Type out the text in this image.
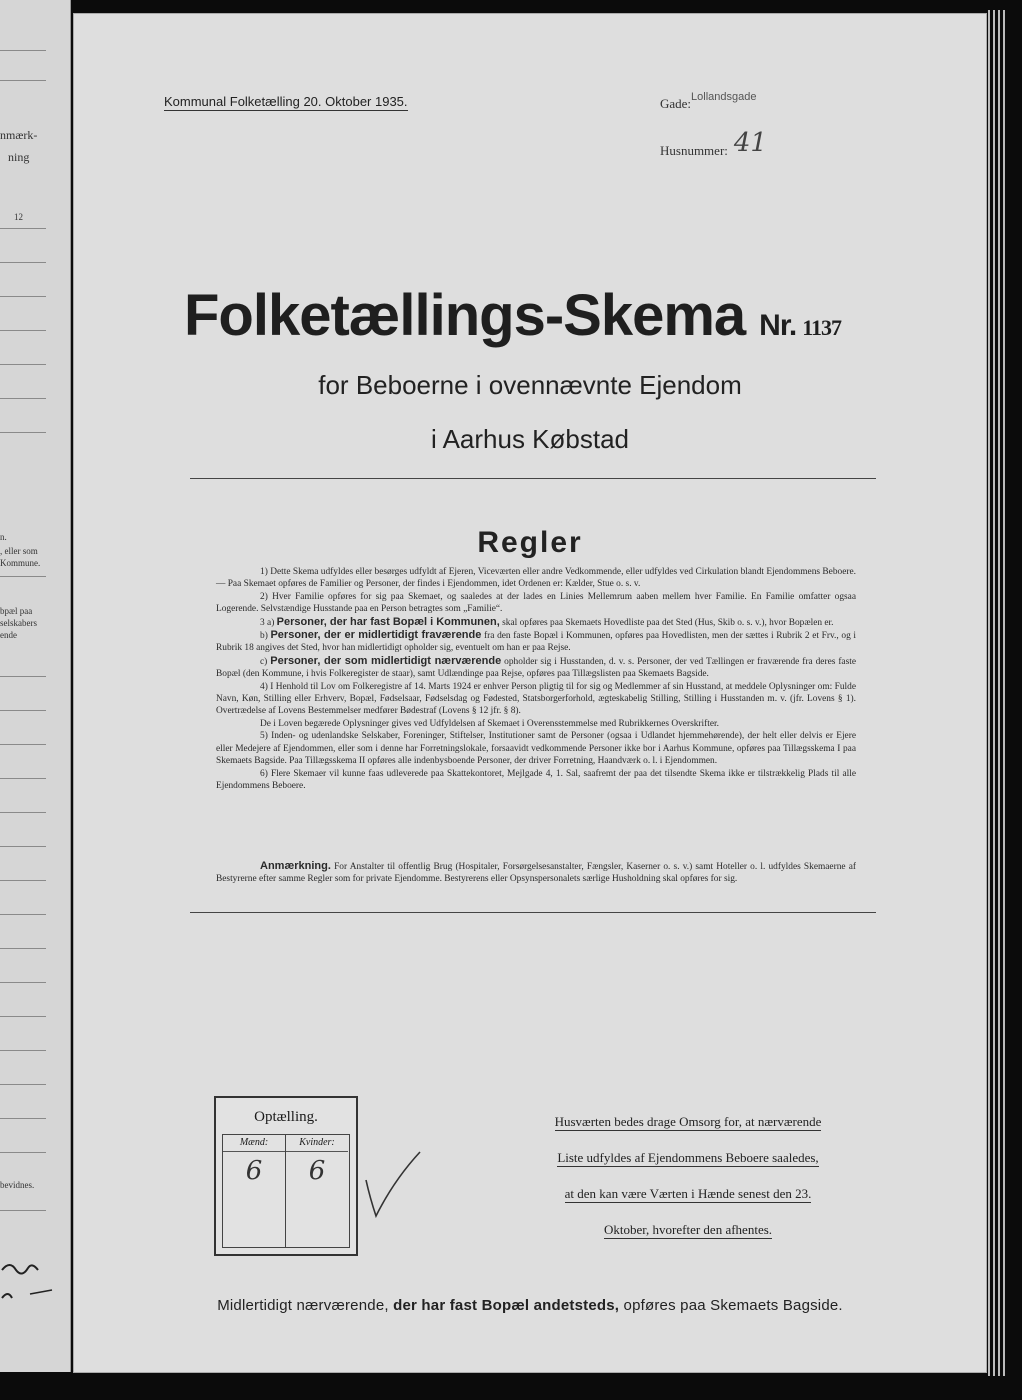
nmærk-
ning
12
n.
, eller som
Kommune.
bpæl paa
selskabers
ende
bevidnes.
Kommunal Folketælling 20. Oktober 1935.	Gade:$^{Lollandsgade}$
Husnummer: 41
Folketællings-Skema Nr. 1137
for Beboerne i ovennævnte Ejendom
i Aarhus Købstad
Regler

1) Dette Skema udfyldes eller besørges udfyldt af Ejeren, Viceværten eller andre Vedkommende, eller udfyldes ved Cirkulation blandt Ejendommens Beboere. — Paa Skemaet opføres de Familier og Personer, der findes i Ejendommen, idet Ordenen er: Kælder, Stue o. s. v.

2) Hver Familie opføres for sig paa Skemaet, og saaledes at der lades en Linies Mellemrum aaben mellem hver Familie. En Familie omfatter ogsaa Logerende. Selvstændige Husstande paa en Person betragtes som „Familie“.

3 a) Personer, der har fast Bopæl i Kommunen, skal opføres paa Skemaets Hovedliste paa det Sted (Hus, Skib o. s. v.), hvor Bopælen er.

b) Personer, der er midlertidigt fraværende fra den faste Bopæl i Kommunen, opføres paa Hovedlisten, men der sættes i Rubrik 2 et Frv., og i Rubrik 18 angives det Sted, hvor han midlertidigt opholder sig, eventuelt om han er paa Rejse.

c) Personer, der som midlertidigt nærværende opholder sig i Husstanden, d. v. s. Personer, der ved Tællingen er fraværende fra deres faste Bopæl (den Kommune, i hvis Folkeregister de staar), samt Udlændinge paa Rejse, opføres paa Tillægslisten paa Skemaets Bagside.

4) I Henhold til Lov om Folkeregistre af 14. Marts 1924 er enhver Person pligtig til for sig og Medlemmer af sin Husstand, at meddele Oplysninger om: Fulde Navn, Køn, Stilling eller Erhverv, Bopæl, Fødselsaar, Fødselsdag og Fødested, Statsborgerforhold, ægteskabelig Stilling, Stilling i Husstanden m. v. (jfr. Lovens § 1). Overtrædelse af Lovens Bestemmelser medfører Bødestraf (Lovens § 12 jfr. § 8).

De i Loven begærede Oplysninger gives ved Udfyldelsen af Skemaet i Overensstemmelse med Rubrikkernes Overskrifter.

5) Inden- og udenlandske Selskaber, Foreninger, Stiftelser, Institutioner samt de Personer (ogsaa i Udlandet hjemmehørende), der helt eller delvis er Ejere eller Medejere af Ejendommen, eller som i denne har Forretningslokale, forsaavidt vedkommende Personer ikke bor i Aarhus Kommune, opføres paa Tillægsskema I paa Skemaets Bagside. Paa Tillægsskema II opføres alle indenbysboende Personer, der driver Forretning, Haandværk o. l. i Ejendommen.

6) Flere Skemaer vil kunne faas udleverede paa Skattekontoret, Mejlgade 4, 1. Sal, saafremt der paa det tilsendte Skema ikke er tilstrækkelig Plads til alle Ejendommens Beboere.

Anmærkning. For Anstalter til offentlig Brug (Hospitaler, Forsørgelsesanstalter, Fængsler, Kaserner o. s. v.) samt Hoteller o. l. udfyldes Skemaerne af Bestyrerne efter samme Regler som for private Ejendomme. Bestyrerens eller Opsynspersonalets særlige Husholdning skal opføres for sig.
Optælling.
Mænd:
6
Kvinder:
6
Husværten bedes drage Omsorg for, at nærværende
Liste udfyldes af Ejendommens Beboere saaledes,
at den kan være Værten i Hænde senest den 23.
Oktober, hvorefter den afhentes.
Midlertidigt nærværende, der har fast Bopæl andetsteds, opføres paa Skemaets Bagside.
